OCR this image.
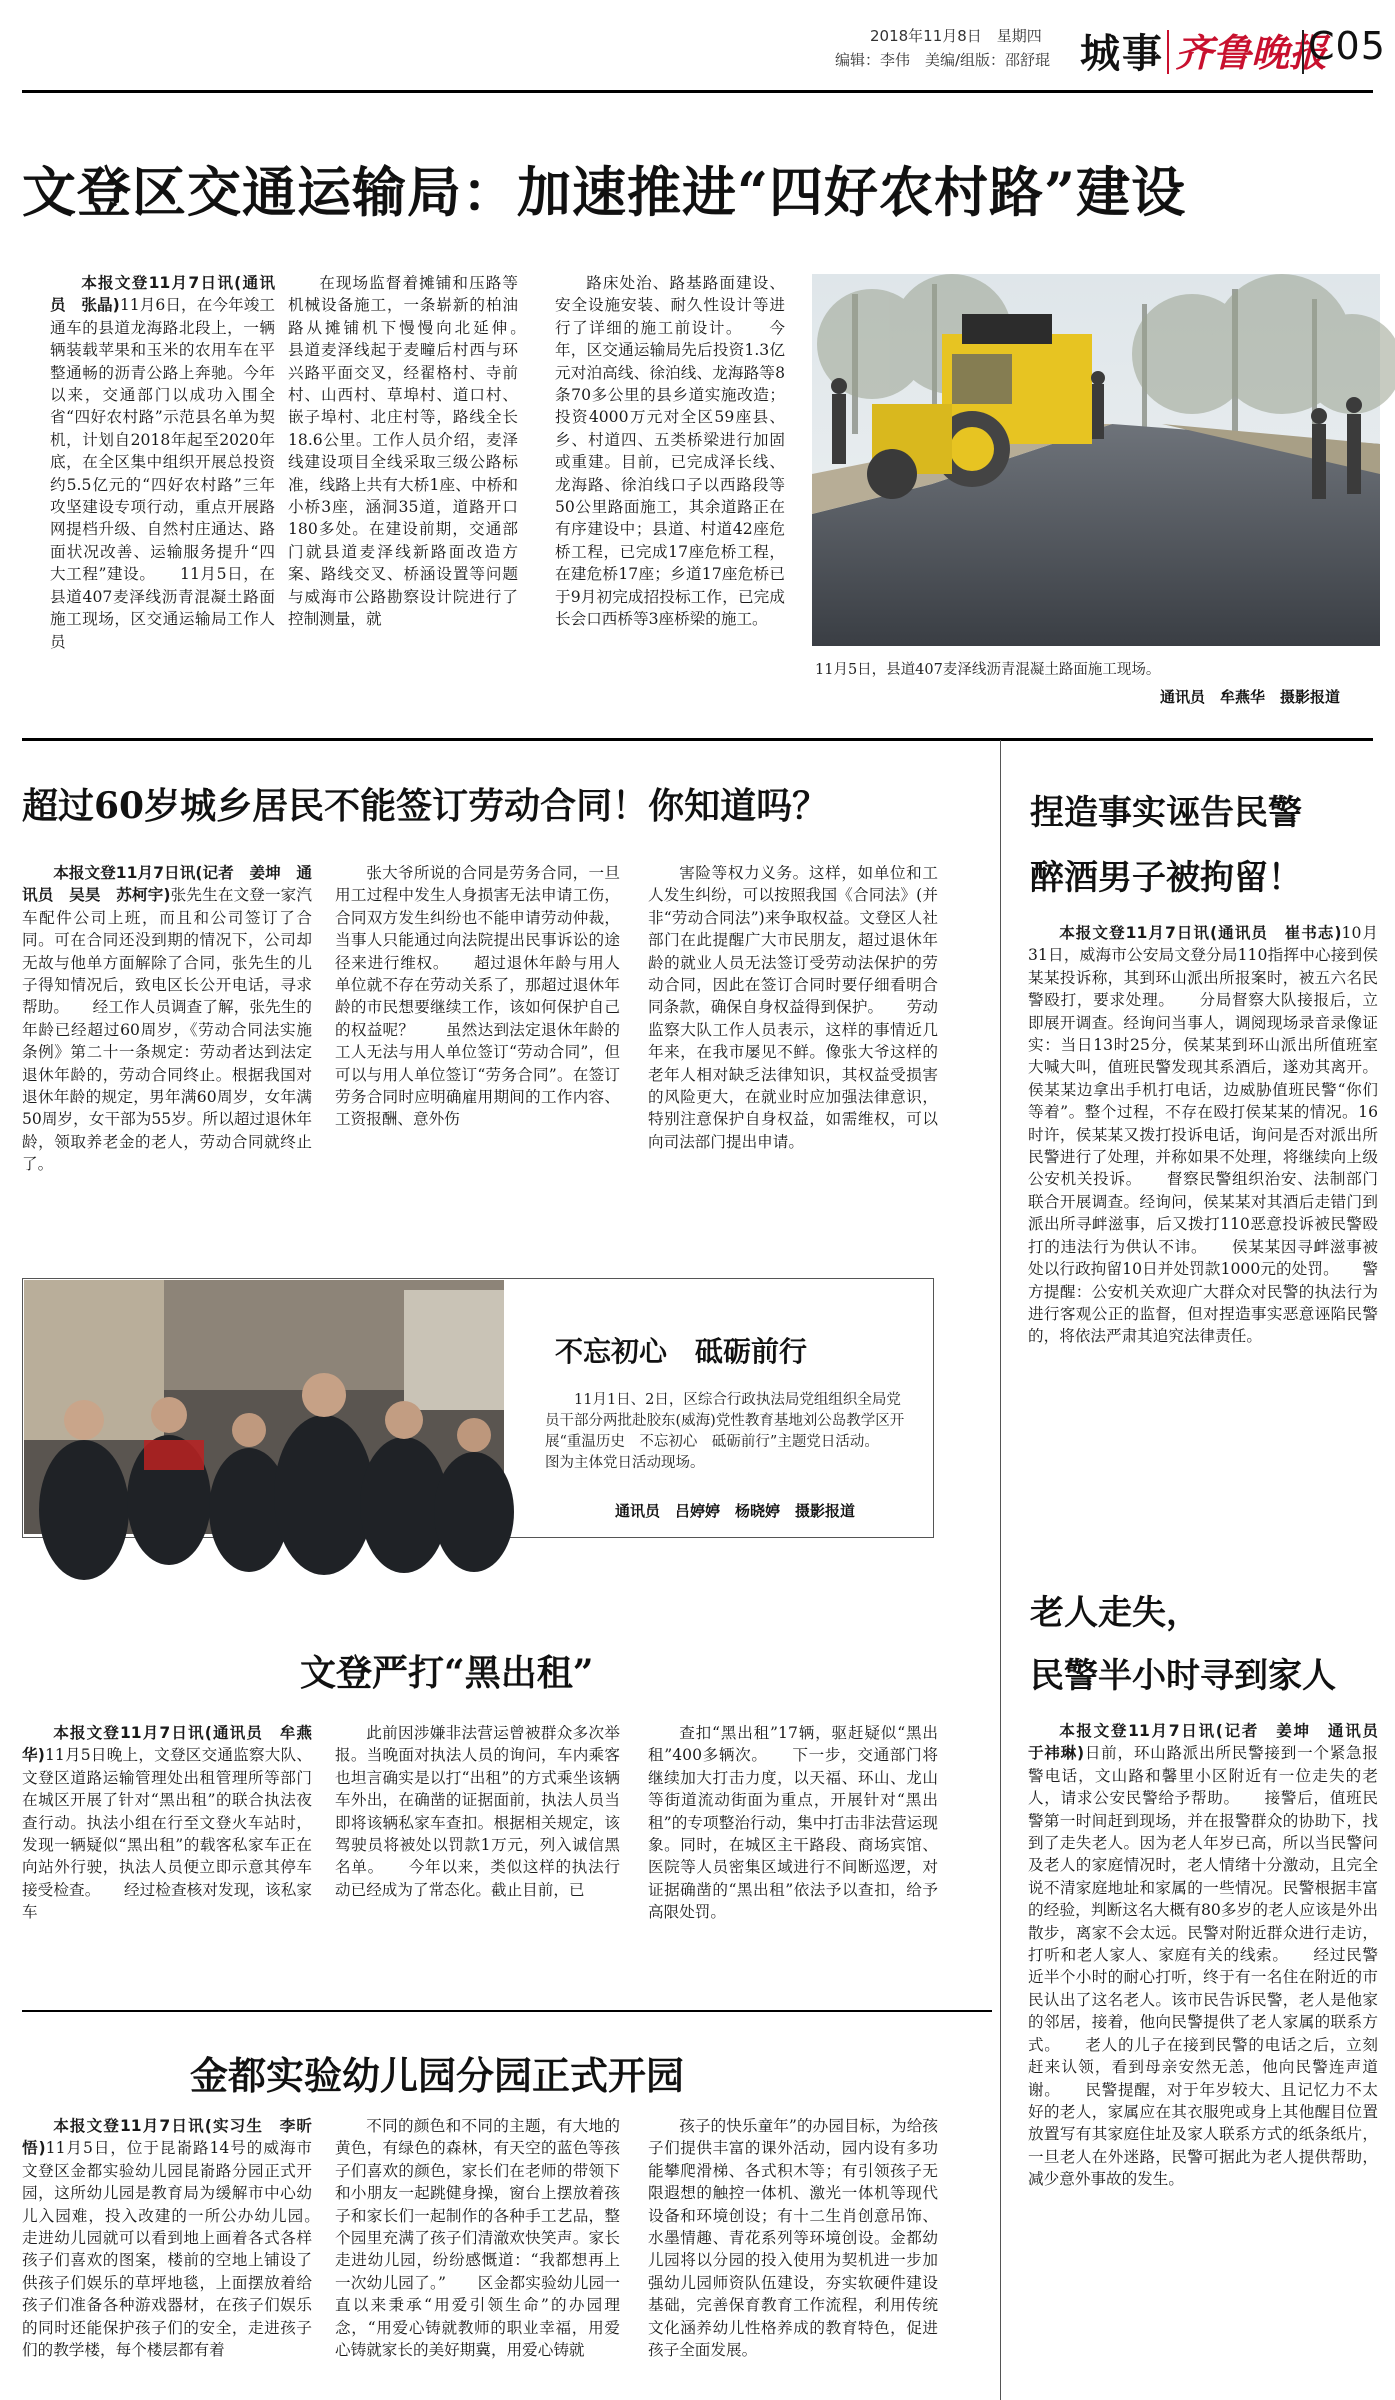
2018年11月8日　星期四
编辑：李伟　美编/组版：邵舒琨 城事 齐鲁晚报
C05
文登区交通运输局：加速推进“四好农村路”建设
本报文登11月7日讯(通讯员　张晶)11月6日，在今年竣工通车的县道龙海路北段上，一辆辆装载苹果和玉米的农用车在平整通畅的沥青公路上奔驰。今年以来，交通部门以成功入围全省“四好农村路”示范县名单为契机，计划自2018年起至2020年底，在全区集中组织开展总投资约5.5亿元的“四好农村路”三年攻坚建设专项行动，重点开展路网提档升级、自然村庄通达、路面状况改善、运输服务提升“四大工程”建设。　　11月5日，在县道407麦泽线沥青混凝土路面施工现场，区交通运输局工作人员
在现场监督着摊铺和压路等机械设备施工，一条崭新的柏油路从摊铺机下慢慢向北延伸。　　县道麦泽线起于麦疃后村西与环兴路平面交叉，经翟格村、寺前村、山西村、草埠村、道口村、嵌子埠村、北庄村等，路线全长18.6公里。工作人员介绍，麦泽线建设项目全线采取三级公路标准，线路上共有大桥1座、中桥和小桥3座，涵洞35道，道路开口180多处。在建设前期，交通部门就县道麦泽线新路面改造方案、路线交叉、桥涵设置等问题与威海市公路勘察设计院进行了控制测量，就
路床处治、路基路面建设、安全设施安装、耐久性设计等进行了详细的施工前设计。　　今年，区交通运输局先后投资1.3亿元对泊高线、徐泊线、龙海路等8条70多公里的县乡道实施改造；投资4000万元对全区59座县、乡、村道四、五类桥梁进行加固或重建。目前，已完成泽长线、龙海路、徐泊线口子以西路段等50公里路面施工，其余道路正在有序建设中；县道、村道42座危桥工程，已完成17座危桥工程，在建危桥17座；乡道17座危桥已于9月初完成招投标工作，已完成长会口西桥等3座桥梁的施工。
11月5日，县道407麦泽线沥青混凝土路面施工现场。
通讯员　牟燕华　摄影报道
超过60岁城乡居民不能签订劳动合同！你知道吗？
本报文登11月7日讯(记者　姜坤　通讯员　吴昊　苏柯宇)张先生在文登一家汽车配件公司上班，而且和公司签订了合同。可在合同还没到期的情况下，公司却无故与他单方面解除了合同，张先生的儿子得知情况后，致电区长公开电话，寻求帮助。　　经工作人员调查了解，张先生的年龄已经超过60周岁，《劳动合同法实施条例》第二十一条规定：劳动者达到法定退休年龄的，劳动合同终止。根据我国对退休年龄的规定，男年满60周岁，女年满50周岁，女干部为55岁。所以超过退休年龄，领取养老金的老人，劳动合同就终止了。
张大爷所说的合同是劳务合同，一旦用工过程中发生人身损害无法申请工伤，合同双方发生纠纷也不能申请劳动仲裁，当事人只能通过向法院提出民事诉讼的途径来进行维权。　　超过退休年龄与用人单位就不存在劳动关系了，那超过退休年龄的市民想要继续工作，该如何保护自己的权益呢？　　虽然达到法定退休年龄的工人无法与用人单位签订“劳动合同”，但可以与用人单位签订“劳务合同”。在签订劳务合同时应明确雇用期间的工作内容、工资报酬、意外伤
害险等权力义务。这样，如单位和工人发生纠纷，可以按照我国《合同法》(并非“劳动合同法”)来争取权益。文登区人社部门在此提醒广大市民朋友，超过退休年龄的就业人员无法签订受劳动法保护的劳动合同，因此在签订合同时要仔细看明合同条款，确保自身权益得到保护。　　劳动监察大队工作人员表示，这样的事情近几年来，在我市屡见不鲜。像张大爷这样的老年人相对缺乏法律知识，其权益受损害的风险更大，在就业时应加强法律意识，特别注意保护自身权益，如需维权，可以向司法部门提出申请。
捏造事实诬告民警
醉酒男子被拘留！
本报文登11月7日讯(通讯员　崔书志)10月31日，威海市公安局文登分局110指挥中心接到侯某某投诉称，其到环山派出所报案时，被五六名民警殴打，要求处理。　　分局督察大队接报后，立即展开调查。经询问当事人，调阅现场录音录像证实：当日13时25分，侯某某到环山派出所值班室大喊大叫，值班民警发现其系酒后，遂劝其离开。侯某某边拿出手机打电话，边威胁值班民警“你们等着”。整个过程，不存在殴打侯某某的情况。16时许，侯某某又拨打投诉电话，询问是否对派出所民警进行了处理，并称如果不处理，将继续向上级公安机关投诉。　　督察民警组织治安、法制部门联合开展调查。经询问，侯某某对其酒后走错门到派出所寻衅滋事，后又拨打110恶意投诉被民警殴打的违法行为供认不讳。　　侯某某因寻衅滋事被处以行政拘留10日并处罚款1000元的处罚。　　警方提醒：公安机关欢迎广大群众对民警的执法行为进行客观公正的监督，但对捏造事实恶意诬陷民警的，将依法严肃其追究法律责任。
不忘初心　砥砺前行
11月1日、2日，区综合行政执法局党组组织全局党员干部分两批赴胶东(威海)党性教育基地刘公岛教学区开展“重温历史　不忘初心　砥砺前行”主题党日活动。　　图为主体党日活动现场。
通讯员　吕婷婷　杨晓婷　摄影报道
老人走失，
民警半小时寻到家人
本报文登11月7日讯(记者　姜坤　通讯员　于祎琳)日前，环山路派出所民警接到一个紧急报警电话，文山路和馨里小区附近有一位走失的老人，请求公安民警给予帮助。　　接警后，值班民警第一时间赶到现场，并在报警群众的协助下，找到了走失老人。因为老人年岁已高，所以当民警问及老人的家庭情况时，老人情绪十分激动，且完全说不清家庭地址和家属的一些情况。民警根据丰富的经验，判断这名大概有80多岁的老人应该是外出散步，离家不会太远。民警对附近群众进行走访，打听和老人家人、家庭有关的线索。　　经过民警近半个小时的耐心打听，终于有一名住在附近的市民认出了这名老人。该市民告诉民警，老人是他家的邻居，接着，他向民警提供了老人家属的联系方式。　　老人的儿子在接到民警的电话之后，立刻赶来认领，看到母亲安然无恙，他向民警连声道谢。　　民警提醒，对于年岁较大、且记忆力不太好的老人，家属应在其衣服兜或身上其他醒目位置放置写有其家庭住址及家人联系方式的纸条纸片，一旦老人在外迷路，民警可据此为老人提供帮助，减少意外事故的发生。
文登严打“黑出租”
本报文登11月7日讯(通讯员　牟燕华)11月5日晚上，文登区交通监察大队、文登区道路运输管理处出租管理所等部门在城区开展了针对“黑出租”的联合执法夜查行动。执法小组在行至文登火车站时，发现一辆疑似“黑出租”的载客私家车正在向站外行驶，执法人员便立即示意其停车接受检查。　　经过检查核对发现，该私家车
此前因涉嫌非法营运曾被群众多次举报。当晚面对执法人员的询问，车内乘客也坦言确实是以打“出租”的方式乘坐该辆车外出，在确凿的证据面前，执法人员当即将该辆私家车查扣。根据相关规定，该驾驶员将被处以罚款1万元，列入诚信黑名单。　　今年以来，类似这样的执法行动已经成为了常态化。截止目前，已
查扣“黑出租”17辆，驱赶疑似“黑出租”400多辆次。　　下一步，交通部门将继续加大打击力度，以天福、环山、龙山等街道流动街面为重点，开展针对“黑出租”的专项整治行动，集中打击非法营运现象。同时，在城区主干路段、商场宾馆、医院等人员密集区域进行不间断巡逻，对证据确凿的“黑出租”依法予以查扣，给予高限处罚。
金都实验幼儿园分园正式开园
本报文登11月7日讯(实习生　李昕悟)11月5日，位于昆嵛路14号的威海市文登区金都实验幼儿园昆嵛路分园正式开园，这所幼儿园是教育局为缓解市中心幼儿入园难，投入改建的一所公办幼儿园。　　走进幼儿园就可以看到地上画着各式各样孩子们喜欢的图案，楼前的空地上铺设了供孩子们娱乐的草坪地毯，上面摆放着给孩子们准备各种游戏器材，在孩子们娱乐的同时还能保护孩子们的安全，走进孩子们的教学楼，每个楼层都有着
不同的颜色和不同的主题，有大地的黄色，有绿色的森林，有天空的蓝色等孩子们喜欢的颜色，家长们在老师的带领下和小朋友一起跳健身操，窗台上摆放着孩子和家长们一起制作的各种手工艺品，整个园里充满了孩子们清澈欢快笑声。家长走进幼儿园，纷纷感慨道：“我都想再上一次幼儿园了。”　　区金都实验幼儿园一直以来秉承“用爱引领生命”的办园理念，“用爱心铸就教师的职业幸福，用爱心铸就家长的美好期冀，用爱心铸就
孩子的快乐童年”的办园目标，为给孩子们提供丰富的课外活动，园内设有多功能攀爬滑梯、各式积木等；有引领孩子无限遐想的触控一体机、激光一体机等现代设备和环境创设；有十二生肖创意吊饰、水墨情趣、青花系列等环境创设。金都幼儿园将以分园的投入使用为契机进一步加强幼儿园师资队伍建设，夯实软硬件建设基础，完善保育教育工作流程，利用传统文化涵养幼儿性格养成的教育特色，促进孩子全面发展。
